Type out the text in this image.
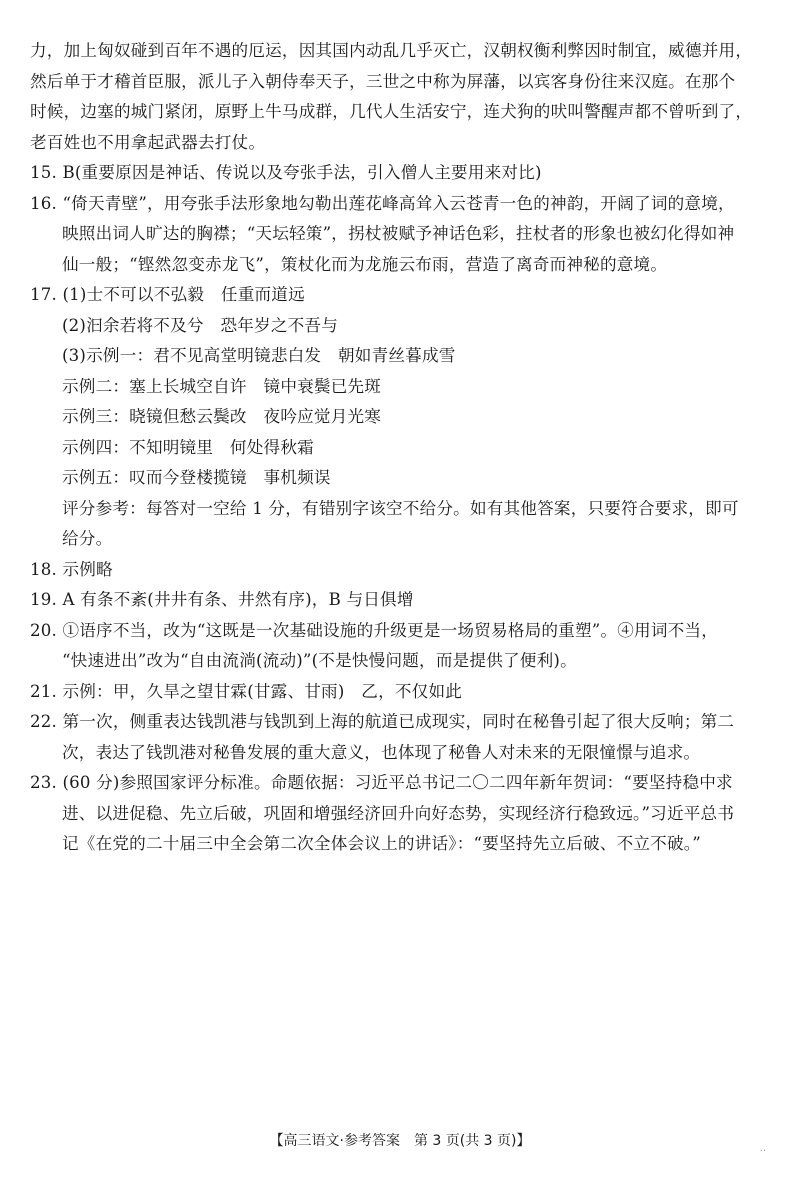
力，加上匈奴碰到百年不遇的厄运，因其国内动乱几乎灭亡，汉朝权衡利弊因时制宜，威德并用，
然后单于才稽首臣服，派儿子入朝侍奉天子，三世之中称为屏藩，以宾客身份往来汉庭。在那个
时候，边塞的城门紧闭，原野上牛马成群，几代人生活安宁，连犬狗的吠叫警醒声都不曾听到了，
老百姓也不用拿起武器去打仗。
15. B(重要原因是神话、传说以及夸张手法，引入僧人主要用来对比)
16. “倚天青壁”，用夸张手法形象地勾勒出莲花峰高耸入云苍青一色的神韵，开阔了词的意境，
映照出词人旷达的胸襟；“天坛轻策”，拐杖被赋予神话色彩，拄杖者的形象也被幻化得如神
仙一般；“铿然忽变赤龙飞”，策杖化而为龙施云布雨，营造了离奇而神秘的意境。
17. (1)士不可以不弘毅　任重而道远
(2)汩余若将不及兮　恐年岁之不吾与
(3)示例一：君不见高堂明镜悲白发　朝如青丝暮成雪
示例二：塞上长城空自许　镜中衰鬓已先斑
示例三：晓镜但愁云鬓改　夜吟应觉月光寒
示例四：不知明镜里　何处得秋霜
示例五：叹而今登楼揽镜　事机频误
评分参考：每答对一空给 1 分，有错别字该空不给分。如有其他答案，只要符合要求，即可
给分。
18. 示例略
19. A 有条不紊(井井有条、井然有序)，B 与日俱增
20. ①语序不当，改为“这既是一次基础设施的升级更是一场贸易格局的重塑”。④用词不当，
“快速进出”改为“自由流淌(流动)”(不是快慢问题，而是提供了便利)。
21. 示例：甲，久旱之望甘霖(甘露、甘雨)　乙，不仅如此
22. 第一次，侧重表达钱凯港与钱凯到上海的航道已成现实，同时在秘鲁引起了很大反响；第二
次，表达了钱凯港对秘鲁发展的重大意义，也体现了秘鲁人对未来的无限憧憬与追求。
23. (60 分)参照国家评分标准。命题依据：习近平总书记二〇二四年新年贺词：“要坚持稳中求
进、以进促稳、先立后破，巩固和增强经济回升向好态势，实现经济行稳致远。”习近平总书
记《在党的二十届三中全会第二次全体会议上的讲话》：“要坚持先立后破、不立不破。”
【高三语文·参考答案　第 3 页(共 3 页)】
··
